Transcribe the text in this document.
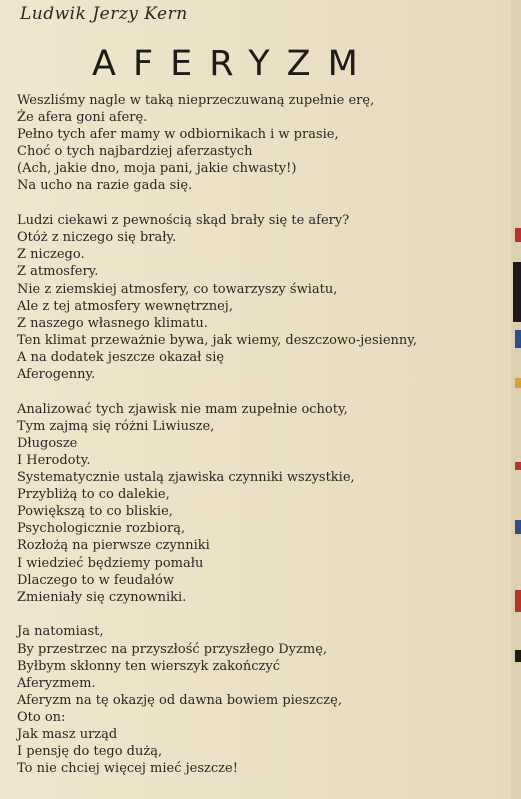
Ludwik Jerzy Kern

AFERYZM
Weszliśmy nagle w taką nieprzeczuwaną zupełnie erę,
Że afera goni aferę.
Pełno tych afer mamy w odbiornikach i w prasie,
Choć o tych najbardziej aferzastych
(Ach, jakie dno, moja pani, jakie chwasty!)
Na ucho na razie gada się.
Ludzi ciekawi z pewnością skąd brały się te afery?
Otóż z niczego się brały.
Z niczego.
Z atmosfery.
Nie z ziemskiej atmosfery, co towarzyszy światu,
Ale z tej atmosfery wewnętrznej,
Z naszego własnego klimatu.
Ten klimat przeważnie bywa, jak wiemy, deszczowo-jesienny,
A na dodatek jeszcze okazał się
Aferogenny.
Analizować tych zjawisk nie mam zupełnie ochoty,
Tym zajmą się różni Liwiusze,
Długosze
I Herodoty.
Systematycznie ustalą zjawiska czynniki wszystkie,
Przybliżą to co dalekie,
Powiększą to co bliskie,
Psychologicznie rozbiorą,
Rozłożą na pierwsze czynniki
I wiedzieć będziemy pomału
Dlaczego to w feudałów
Zmieniały się czynowniki.
Ja natomiast,
By przestrzec na przyszłość przyszłego Dyzmę,
Byłbym skłonny ten wierszyk zakończyć
Aferyzmem.
Aferyzm na tę okazję od dawna bowiem pieszczę,
Oto on:
Jak masz urząd
I pensję do tego dużą,
To nie chciej więcej mieć jeszcze!
